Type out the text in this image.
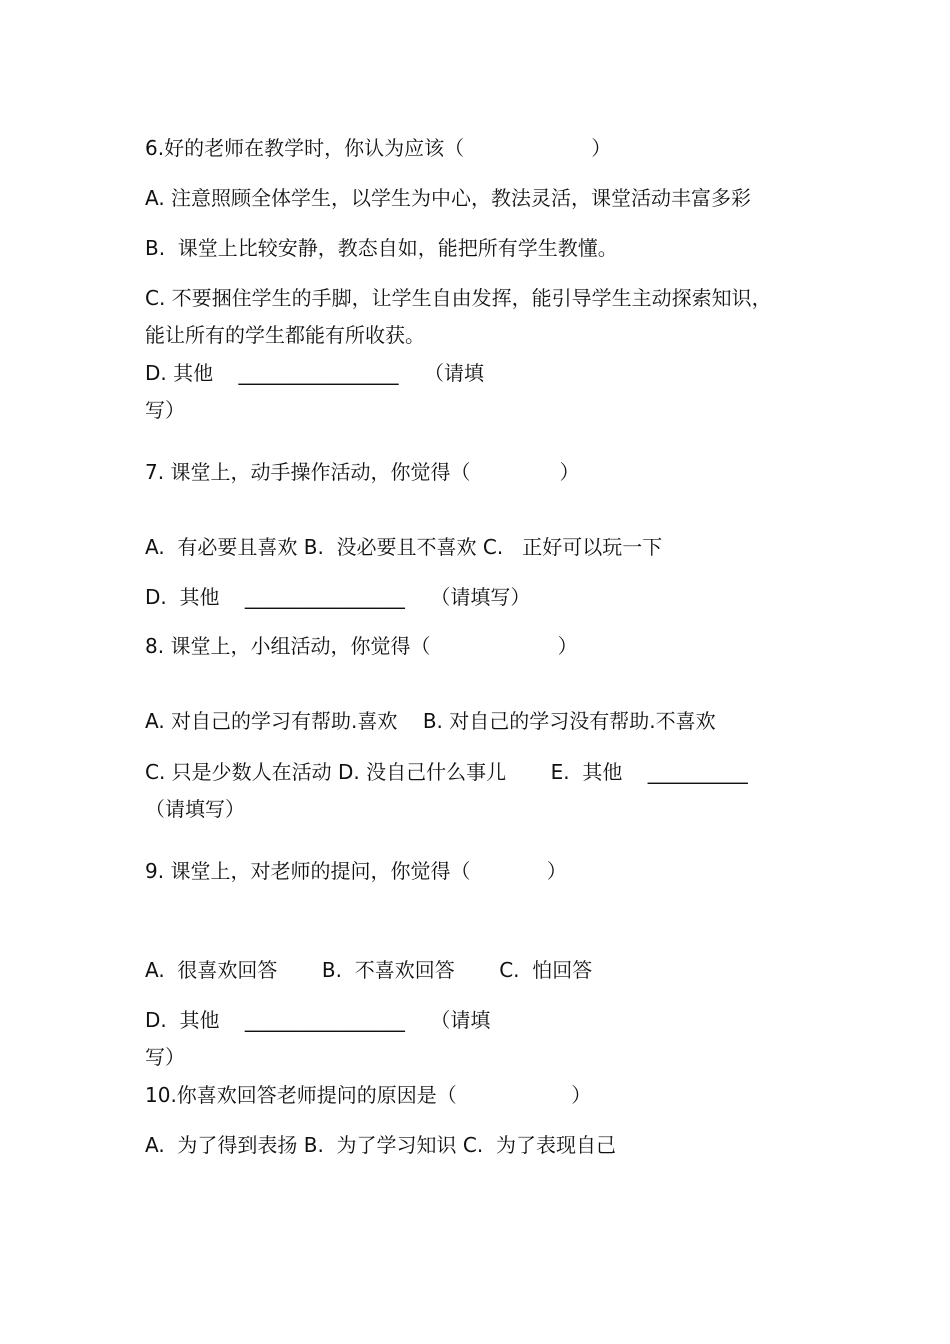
6.好的老师在教学时，你认为应该（                    ）
A. 注意照顾全体学生，以学生为中心，教法灵活，课堂活动丰富多彩
B.  课堂上比较安静，教态自如，能把所有学生教懂。
C. 不要捆住学生的手脚，让学生自由发挥，能引导学生主动探索知识，
能让所有的学生都能有所收获。
D. 其他    ________________    （请填
写）
7. 课堂上，动手操作活动，你觉得（              ）
A.  有必要且喜欢 B.  没必要且不喜欢 C.   正好可以玩一下
D.  其他    ________________    （请填写）
8. 课堂上，小组活动，你觉得（                    ）
A. 对自己的学习有帮助.喜欢    B. 对自己的学习没有帮助.不喜欢
C. 只是少数人在活动 D. 没自己什么事儿       E.  其他    __________
（请填写）
9. 课堂上，对老师的提问，你觉得（            ）
A.  很喜欢回答       B.  不喜欢回答       C.  怕回答
D.  其他    ________________    （请填
写）
10.你喜欢回答老师提问的原因是（                  ）
A.  为了得到表扬 B.  为了学习知识 C.  为了表现自己
